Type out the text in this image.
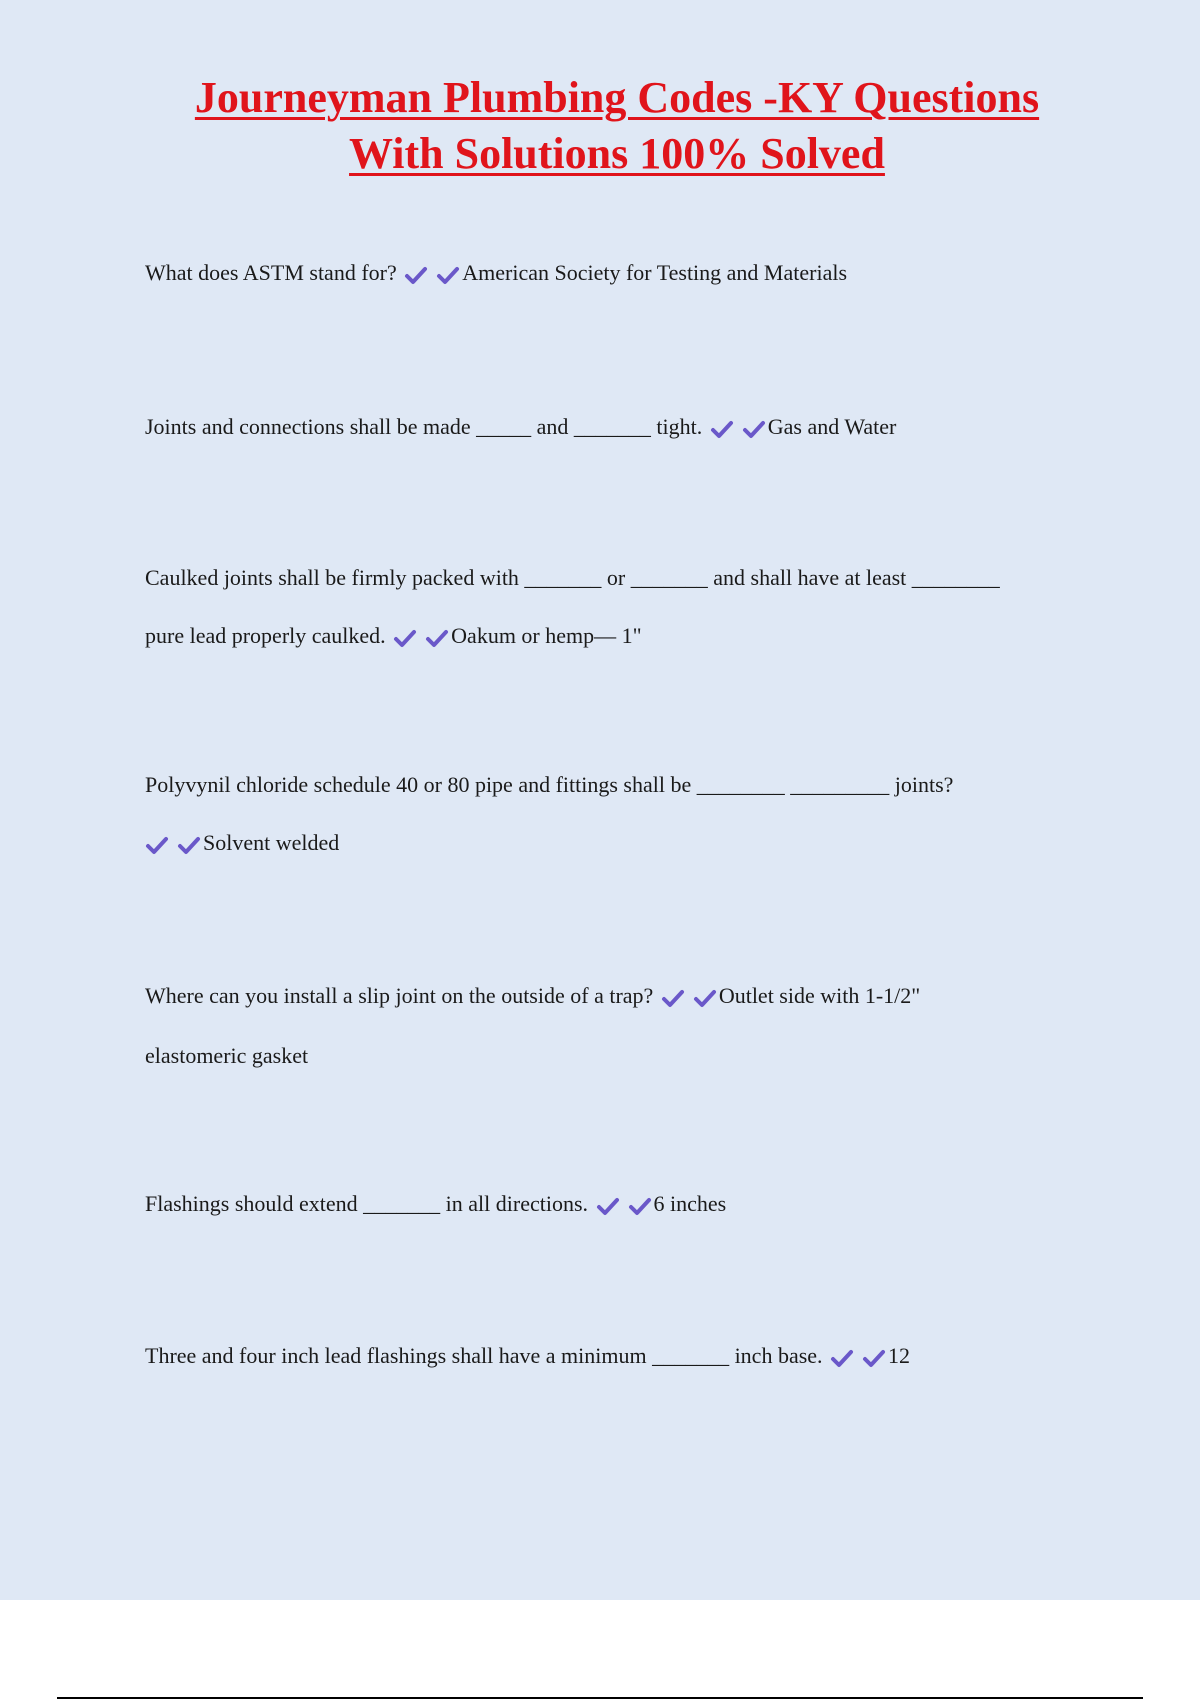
Journeyman Plumbing Codes -KY Questions
With Solutions 100% Solved
What does ASTM stand for?	American Society for Testing and Materials
Joints and connections shall be made _____ and _______ tight.	Gas and Water
Caulked joints shall be firmly packed with _______ or _______ and shall have at least ________
pure lead properly caulked.	Oakum or hemp— 1"
Polyvynil chloride schedule 40 or 80 pipe and fittings shall be ________ _________ joints?
Solvent welded
Where can you install a slip joint on the outside of a trap?	Outlet side with 1-1/2"
elastomeric gasket
Flashings should extend _______ in all directions.	6 inches
Three and four inch lead flashings shall have a minimum _______ inch base.	12
